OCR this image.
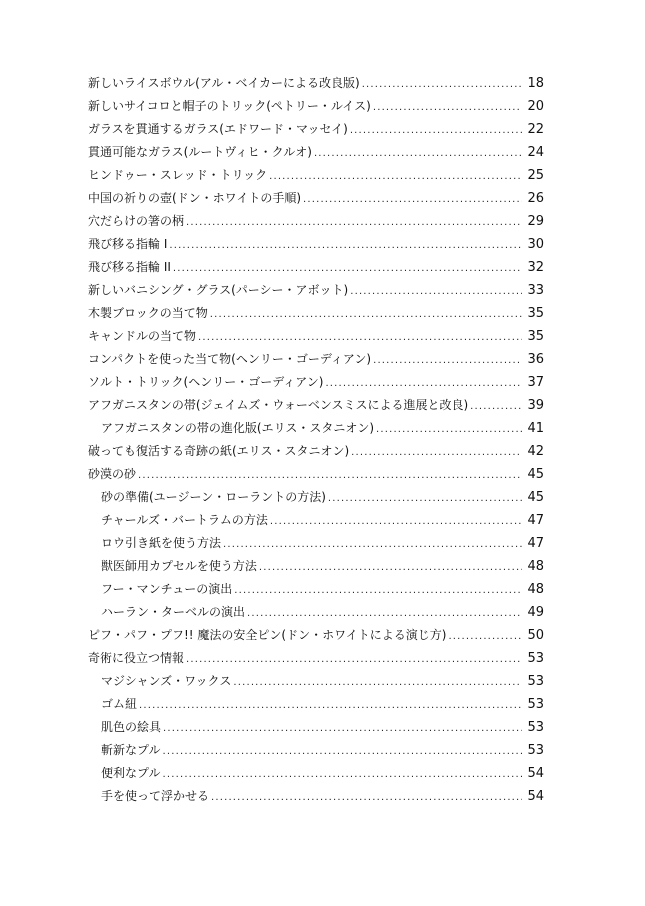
新しいライスボウル(アル・ベイカーによる改良版) . . .	18
新しいサイコロと帽子のトリック(ペトリー・ルイス) . . .	20
ガラスを貫通するガラス(エドワード・マッセイ) . . .	22
貫通可能なガラス(ルートヴィヒ・クルオ) . . .	24
ヒンドゥー・スレッド・トリック . . .	25
中国の祈りの壺(ドン・ホワイトの手順) . . .	26
穴だらけの箸の柄 . . .	29
飛び移る指輪 I . . .	30
飛び移る指輪 II . . .	32
新しいバニシング・グラス(パーシー・アボット) . . .	33
木製ブロックの当て物 . . .	35
キャンドルの当て物 . . .	35
コンパクトを使った当て物(ヘンリー・ゴーディアン) . . .	36
ソルト・トリック(ヘンリー・ゴーディアン) . . .	37
アフガニスタンの帯(ジェイムズ・ウォーベンスミスによる進展と改良) . . .	39
アフガニスタンの帯の進化版(エリス・スタニオン) . . .	41
破っても復活する奇跡の紙(エリス・スタニオン) . . .	42
砂漠の砂 . . .	45
砂の準備(ユージーン・ローラントの方法) . . .	45
チャールズ・バートラムの方法 . . .	47
ロウ引き紙を使う方法 . . .	47
獣医師用カプセルを使う方法 . . .	48
フー・マンチューの演出 . . .	48
ハーラン・ターベルの演出 . . .	49
ピフ・パフ・プフ!! 魔法の安全ピン(ドン・ホワイトによる演じ方) . . .	50
奇術に役立つ情報 . . .	53
マジシャンズ・ワックス . . .	53
ゴム紐 . . .	53
肌色の絵具 . . .	53
斬新なプル . . .	53
便利なプル . . .	54
手を使って浮かせる . . .	54
